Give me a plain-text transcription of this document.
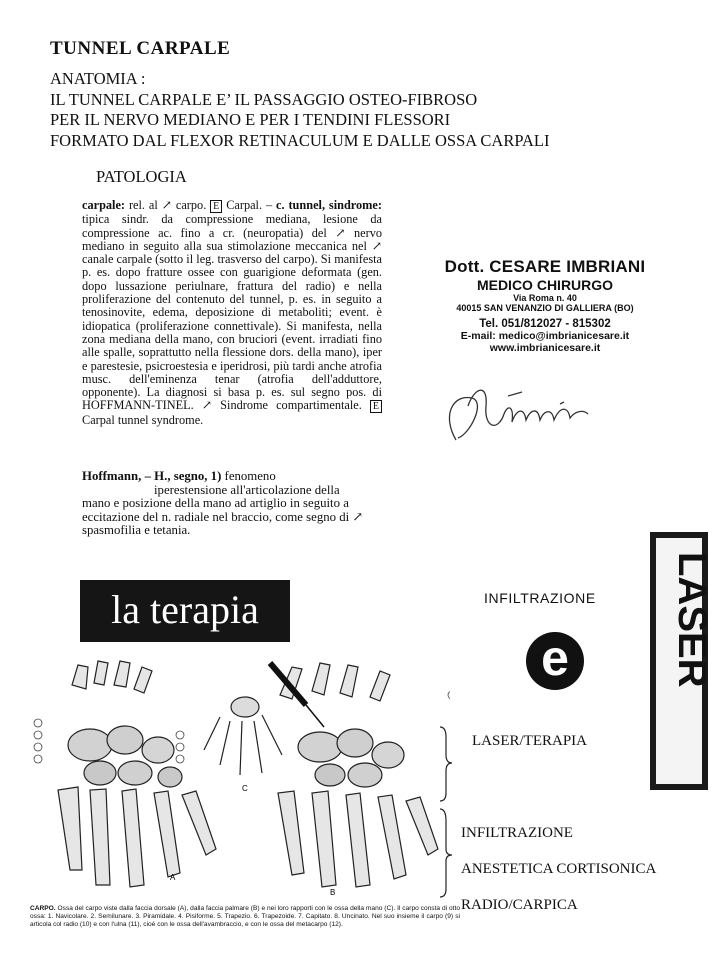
TUNNEL CARPALE
ANATOMIA :
IL TUNNEL CARPALE E’ IL PASSAGGIO OSTEO-FIBROSO
PER IL NERVO MEDIANO E PER I TENDINI FLESSORI
FORMATO DAL FLEXOR RETINACULUM E DALLE OSSA CARPALI
PATOLOGIA
carpale: rel. al ↗ carpo. E Carpal. – c. tunnel, sindrome: tipica sindr. da compressione mediana, lesione da compressione ac. fino a cr. (neuropatia) del ↗ nervo mediano in seguito alla sua stimolazione meccanica nel ↗ canale carpale (sotto il leg. trasverso del carpo). Si manifesta p. es. dopo fratture ossee con guarigione deformata (gen. dopo lussazione periulnare, frattura del radio) e nella proliferazione del contenuto del tunnel, p. es. in seguito a tenosinovite, edema, deposizione di metaboliti; event. è idiopatica (proliferazione connettivale). Si manifesta, nella zona mediana della mano, con bruciori (event. irradiati fino alle spalle, soprattutto nella flessione dors. della mano), iper e parestesie, psicroestesia e iperidrosi, più tardi anche atrofia musc. dell'eminenza tenar (atrofia dell'adduttore, opponente). La diagnosi si basa p. es. sul segno pos. di HOFFMANN-TINEL. ↗ Sindrome compartimentale. E Carpal tunnel syndrome.
Hoffmann, – H., segno, 1) fenomeno
iperestensione all'articolazione della
mano e posizione della mano ad artiglio in seguito a eccitazione del n. radiale nel braccio, come segno di ↗ spasmofilia e tetania.
Dott. CESARE IMBRIANI
MEDICO CHIRURGO
Via Roma n. 40
40015 SAN VENANZIO DI GALLIERA (BO)
Tel. 051/812027 - 815302
E-mail: medico@imbrianicesare.it
www.imbrianicesare.it
la terapia	INFILTRAZIONE
e	LASER
A
C
B
LASER/TERAPIA
INFILTRAZIONE
ANESTETICA CORTISONICA
RADIO/CARPICA
CARPO. Ossa del carpo viste dalla faccia dorsale (A), dalla faccia palmare (B) e nei loro rapporti con le ossa della mano (C). Il carpo consta di otto ossa: 1. Navicolare. 2. Semilunare. 3. Piramidale. 4. Pisiforme. 5. Trapezio. 6. Trapezoide. 7. Capitato. 8. Uncinato. Nel suo insieme il carpo (9) si articola col radio (10) e con l'ulna (11), cioè con le ossa dell'avambraccio, e con le ossa del metacarpo (12).
